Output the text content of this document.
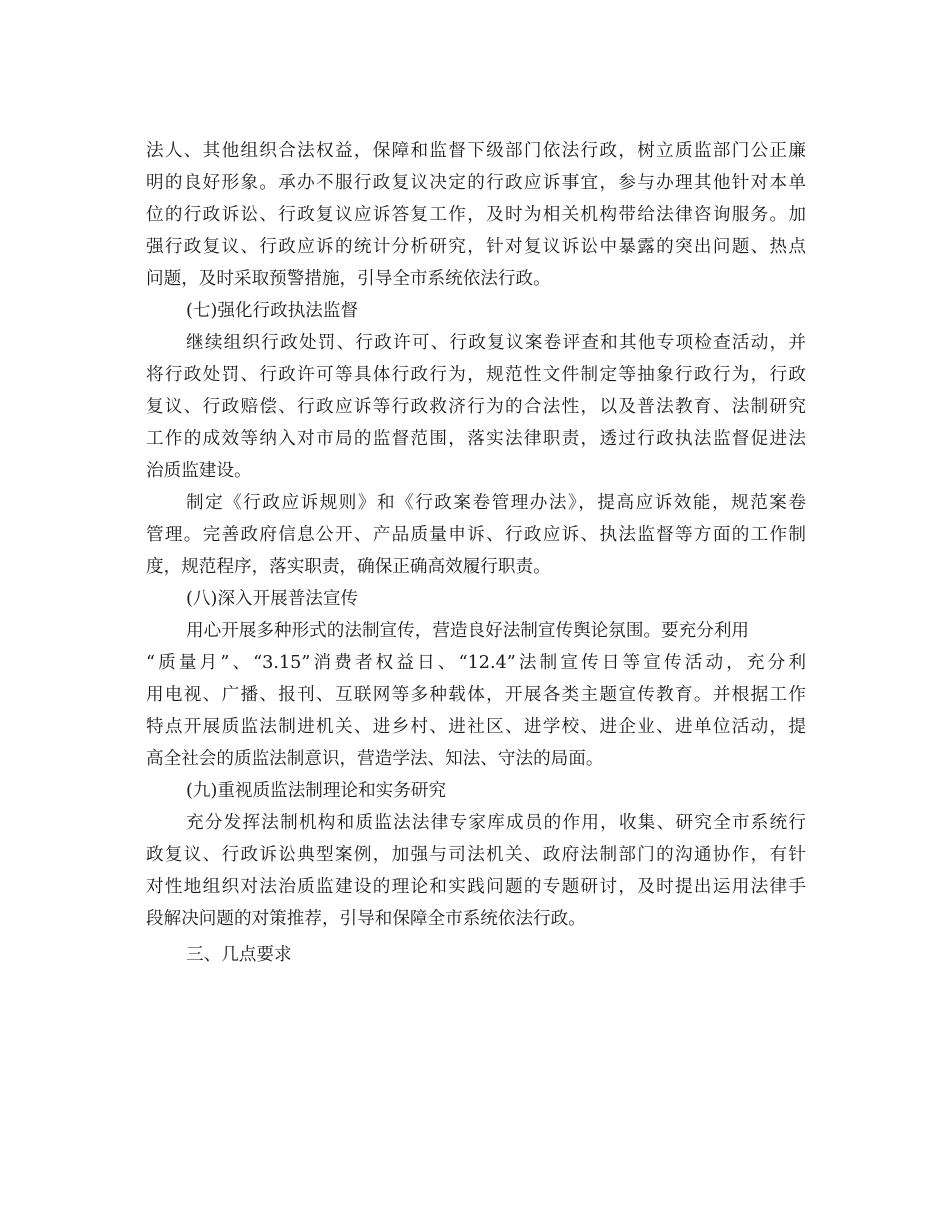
法人、其他组织合法权益，保障和监督下级部门依法行政，树立质监部门公正廉
明的良好形象。承办不服行政复议决定的行政应诉事宜，参与办理其他针对本单
位的行政诉讼、行政复议应诉答复工作，及时为相关机构带给法律咨询服务。加
强行政复议、行政应诉的统计分析研究，针对复议诉讼中暴露的突出问题、热点
问题，及时采取预警措施，引导全市系统依法行政。
(七)强化行政执法监督
继续组织行政处罚、行政许可、行政复议案卷评查和其他专项检查活动，并
将行政处罚、行政许可等具体行政行为，规范性文件制定等抽象行政行为，行政
复议、行政赔偿、行政应诉等行政救济行为的合法性，以及普法教育、法制研究
工作的成效等纳入对市局的监督范围，落实法律职责，透过行政执法监督促进法
治质监建设。
制定《行政应诉规则》和《行政案卷管理办法》，提高应诉效能，规范案卷
管理。完善政府信息公开、产品质量申诉、行政应诉、执法监督等方面的工作制
度，规范程序，落实职责，确保正确高效履行职责。
(八)深入开展普法宣传
用心开展多种形式的法制宣传，营造良好法制宣传舆论氛围。要充分利用
“质量月”、“3.15”消费者权益日、“12.4”法制宣传日等宣传活动，充分利
用电视、广播、报刊、互联网等多种载体，开展各类主题宣传教育。并根据工作
特点开展质监法制进机关、进乡村、进社区、进学校、进企业、进单位活动，提
高全社会的质监法制意识，营造学法、知法、守法的局面。
(九)重视质监法制理论和实务研究
充分发挥法制机构和质监法法律专家库成员的作用，收集、研究全市系统行
政复议、行政诉讼典型案例，加强与司法机关、政府法制部门的沟通协作，有针
对性地组织对法治质监建设的理论和实践问题的专题研讨，及时提出运用法律手
段解决问题的对策推荐，引导和保障全市系统依法行政。
三、几点要求
